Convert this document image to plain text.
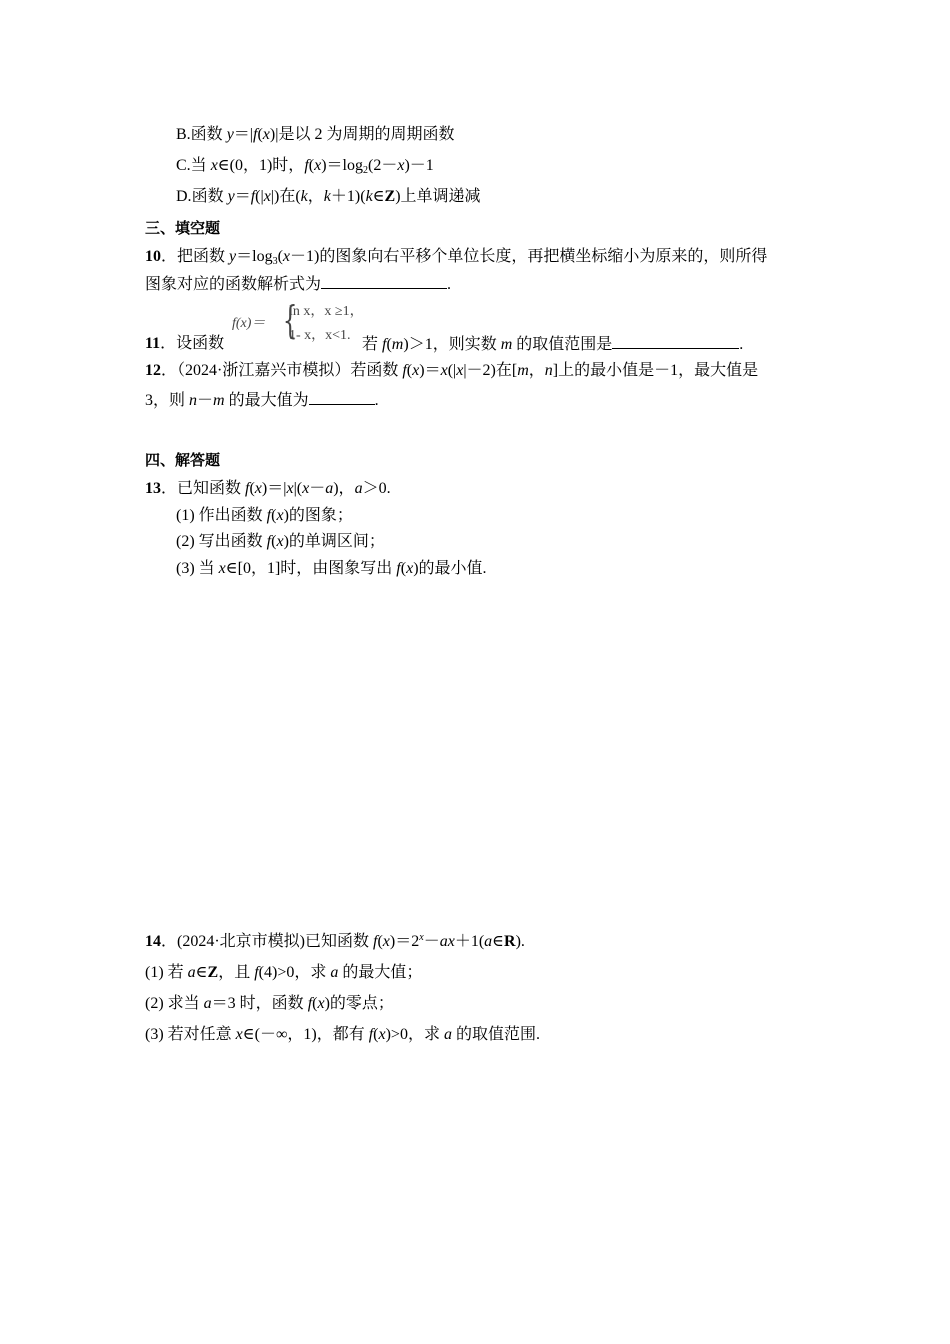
B.函数 y＝|f(x)|是以 2 为周期的周期函数
C.当 x∈(0，1)时，$f(x)=\log_2(2-x)-1$
D.函数 y＝f(|x|)在(k，k＋1)(k∈Z)上单调递减
三、填空题
10．把函数 $y=\log_3(x-1)$的图象向右平移个单位长度，再把横坐标缩小为原来的，则所得
图象对应的函数解析式为	.
f(x)＝ {
ln x，x ≥1，
1- x，x<1.
11．设函数	若 f(m)＞1，则实数 m 的取值范围是	.
12．（2024·浙江嘉兴市模拟）若函数 f(x)＝x(|x|－2)在[m，n]上的最小值是－1，最大值是
3，则 n－m 的最大值为	.
四、解答题
13．已知函数 f(x)＝|x|(x－a)，a＞0.
(1) 作出函数 f(x)的图象；
(2) 写出函数 f(x)的单调区间；
(3) 当 x∈[0，1]时，由图象写出 f(x)的最小值.
14．(2024·北京市模拟)已知函数 $f(x)=2^x-ax+1(a\in R)$.
(1) 若 a∈Z，且 f(4)>0，求 a 的最大值；
(2) 求当 a＝3 时，函数 f(x)的零点；
(3) 若对任意 x∈(－∞，1)，都有 f(x)>0，求 a 的取值范围.
